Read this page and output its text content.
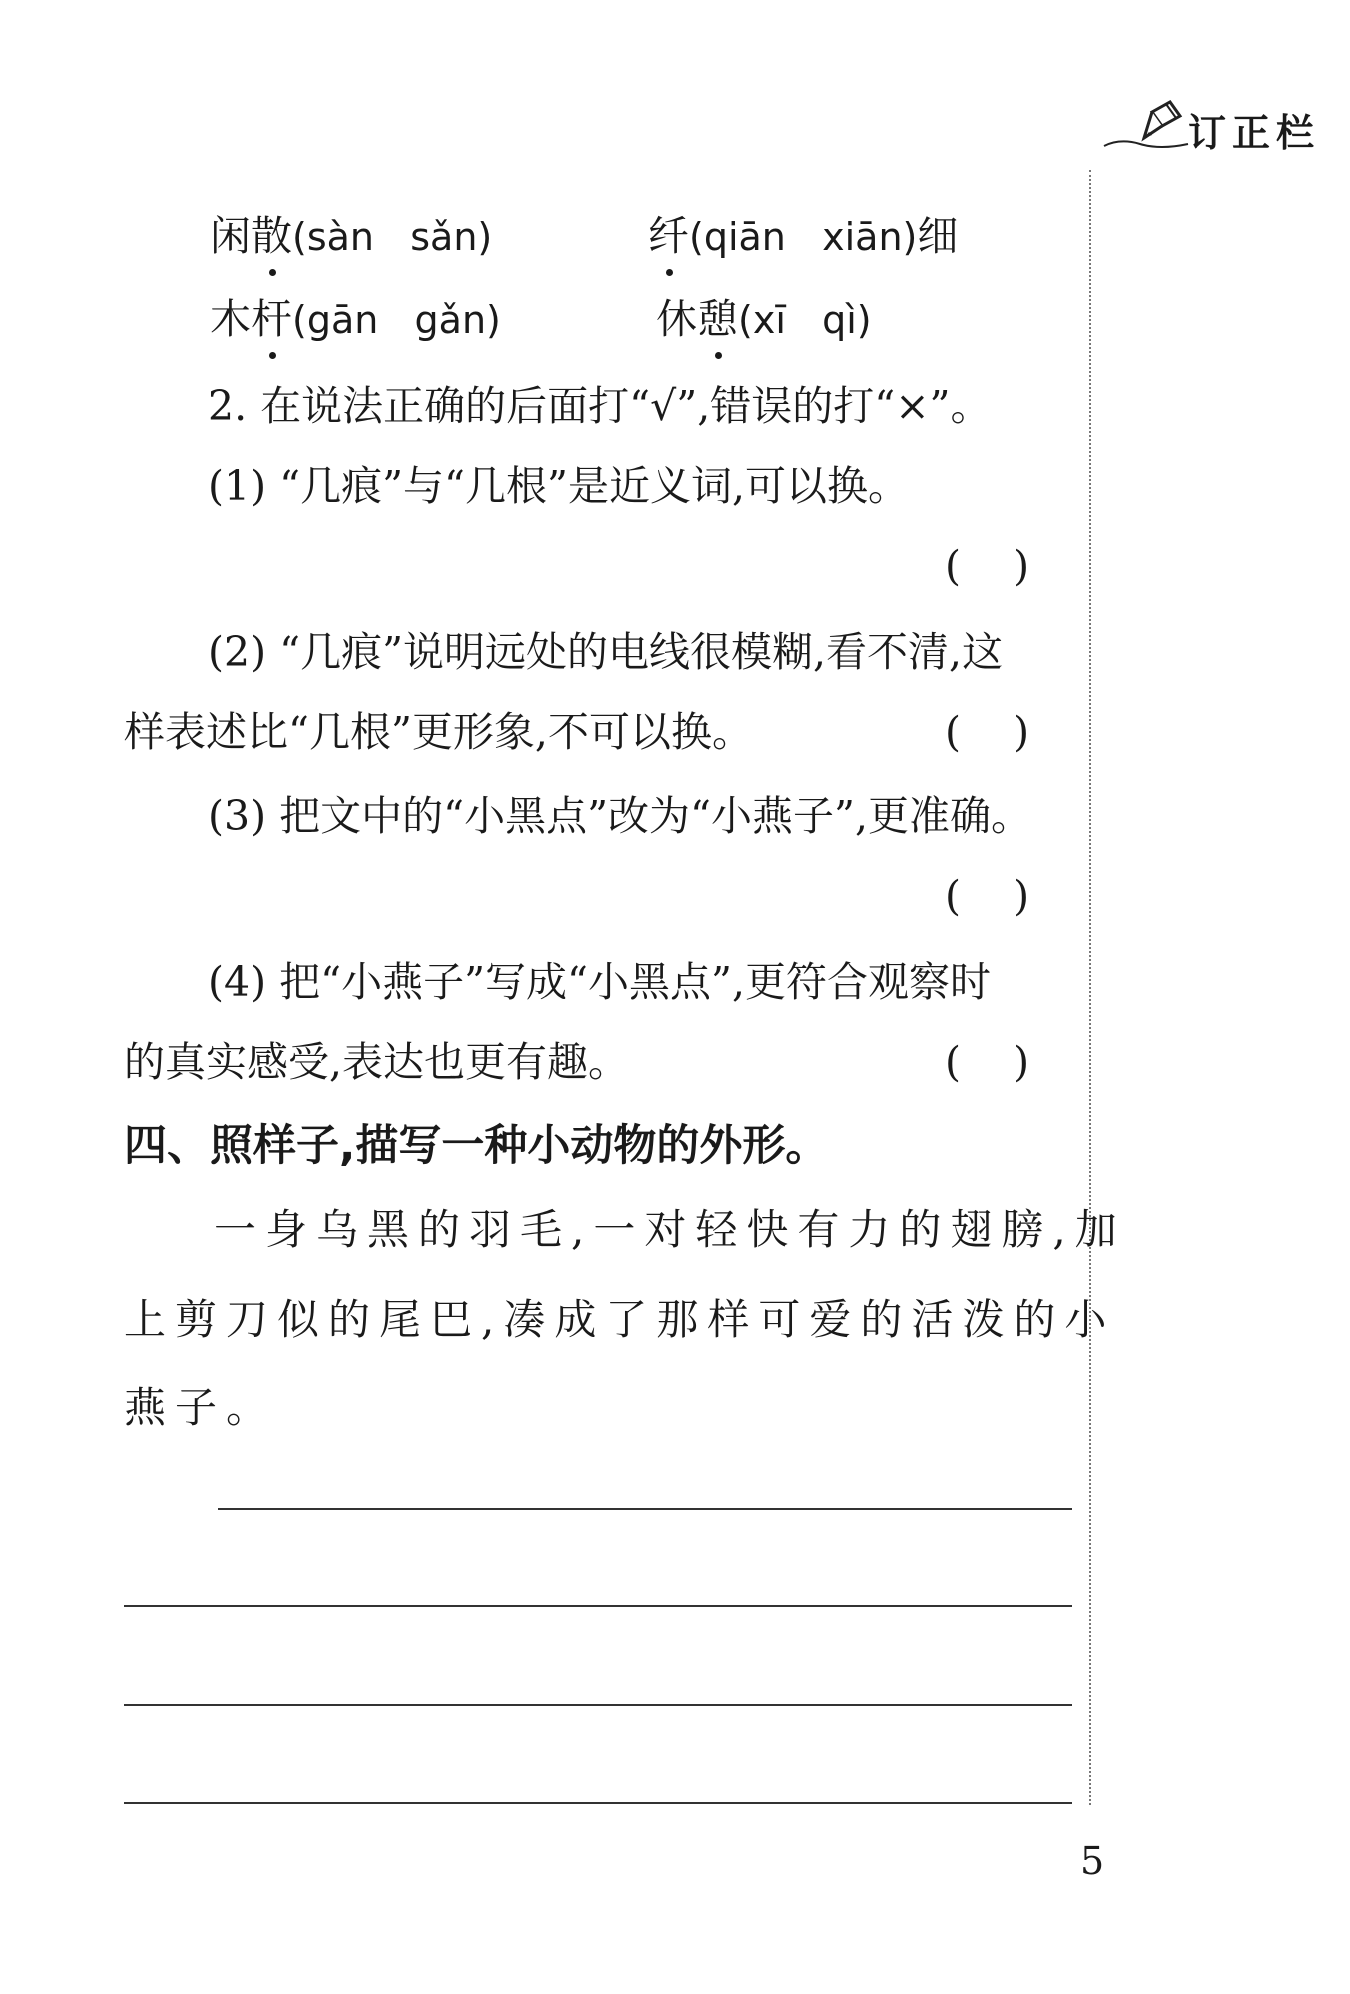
订正栏
闲散(sàn   sǎn)	纤(qiān   xiān)细
木杆(gān   gǎn)	休憩(xī   qì)
2. 在说法正确的后面打“√”,错误的打“×”。
(1) “几痕”与“几根”是近义词,可以换。
(    )
(2) “几痕”说明远处的电线很模糊,看不清,这
样表述比“几根”更形象,不可以换。	(    )
(3) 把文中的“小黑点”改为“小燕子”,更准确。
(    )
(4) 把“小燕子”写成“小黑点”,更符合观察时
的真实感受,表达也更有趣。	(    )
四、照样子,描写一种小动物的外形。
一身乌黑的羽毛,一对轻快有力的翅膀,加
上剪刀似的尾巴,凑成了那样可爱的活泼的小
燕子。
5
